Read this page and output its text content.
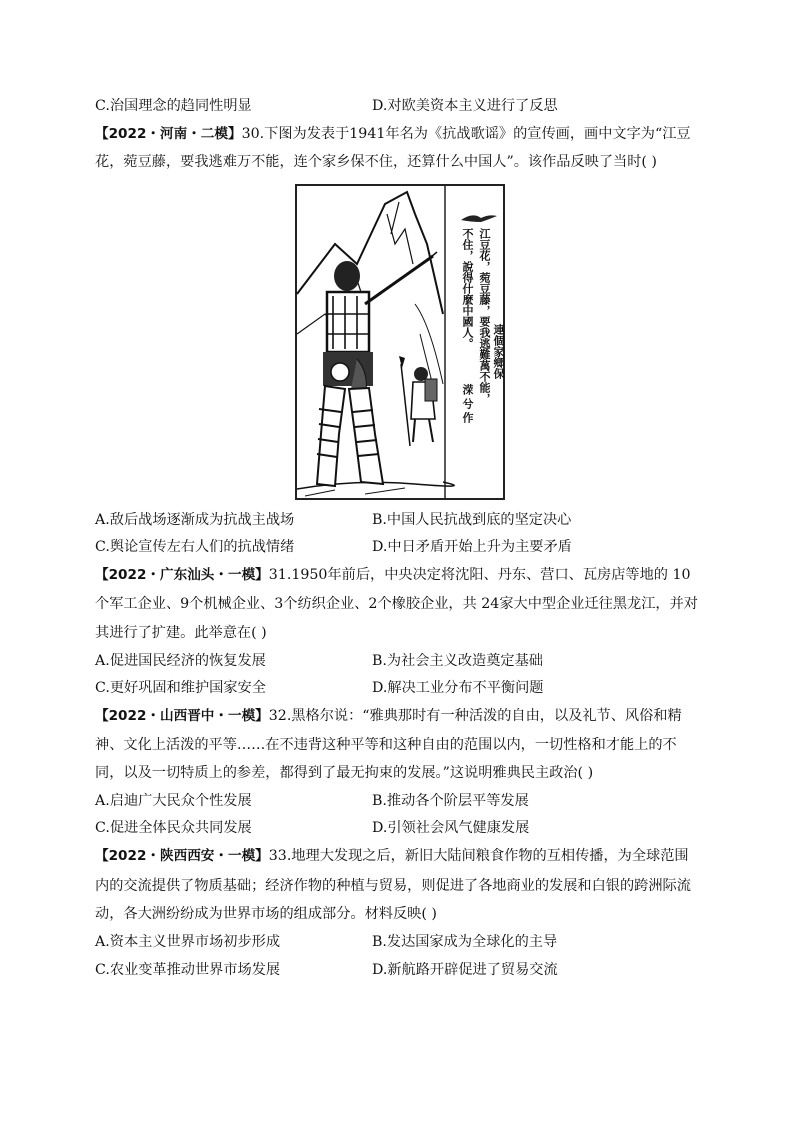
C.治国理念的趋同性明显	D.对欧美资本主义进行了反思
【2022・河南・二模】30.下图为发表于1941年名为《抗战歌谣》的宣传画，画中文字为“江豆
花，菀豆藤，要我逃难万不能，连个家乡保不住，还算什么中国人”。该作品反映了当时( )
江豆花，菀豆藤，要我逃難萬不能， 連個家鄉保
不住，說得什麼中國人。
溁兮作
A.敌后战场逐渐成为抗战主战场	B.中国人民抗战到底的坚定决心
C.舆论宣传左右人们的抗战情绪	D.中日矛盾开始上升为主要矛盾
【2022・广东汕头・一模】31.1950年前后，中央决定将沈阳、丹东、营口、瓦房店等地的 10
个军工企业、9个机械企业、3个纺织企业、2个橡胶企业，共 24家大中型企业迁往黑龙江，并对
其进行了扩建。此举意在( )
A.促进国民经济的恢复发展	B.为社会主义改造奠定基础
C.更好巩固和维护国家安全	D.解决工业分布不平衡问题
【2022・山西晋中・一模】32.黑格尔说：“雅典那时有一种活泼的自由，以及礼节、风俗和精
神、文化上活泼的平等……在不违背这种平等和这种自由的范围以内，一切性格和才能上的不
同，以及一切特质上的参差，都得到了最无拘束的发展。”这说明雅典民主政治( )
A.启迪广大民众个性发展	B.推动各个阶层平等发展
C.促进全体民众共同发展	D.引领社会风气健康发展
【2022・陕西西安・一模】33.地理大发现之后，新旧大陆间粮食作物的互相传播，为全球范围
内的交流提供了物质基础；经济作物的种植与贸易，则促进了各地商业的发展和白银的跨洲际流
动，各大洲纷纷成为世界市场的组成部分。材料反映( )
A.资本主义世界市场初步形成	B.发达国家成为全球化的主导
C.农业变革推动世界市场发展	D.新航路开辟促进了贸易交流
